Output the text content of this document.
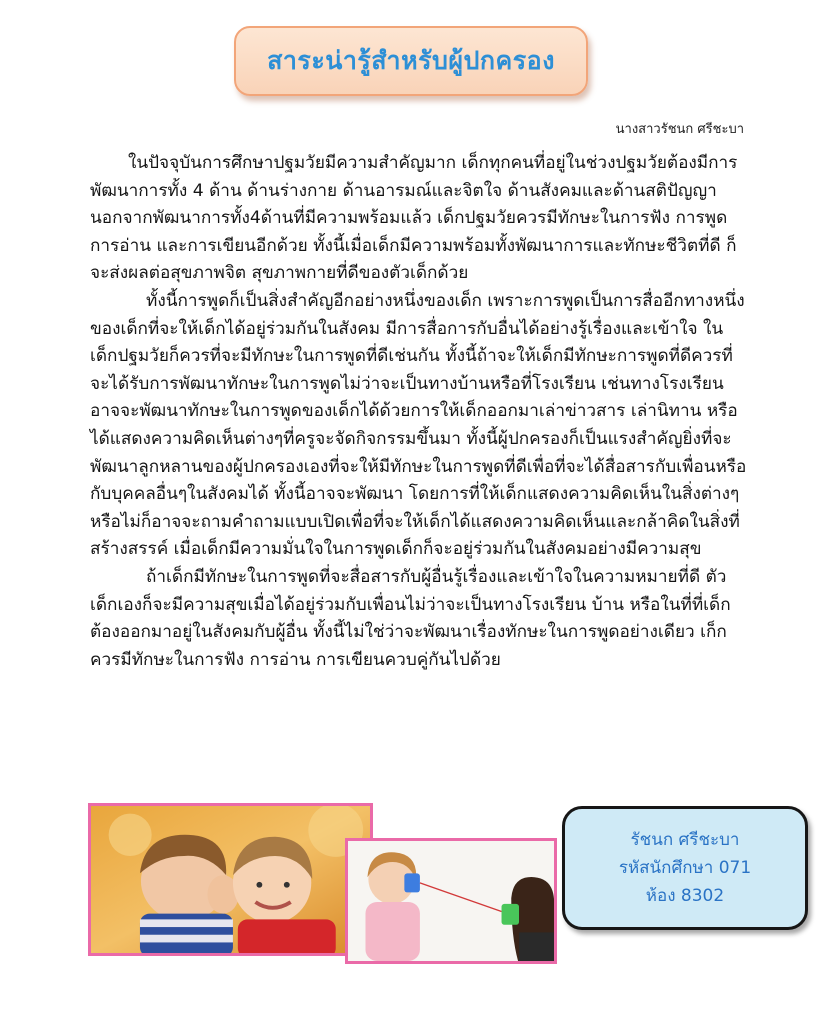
สาระน่ารู้สำหรับผู้ปกครอง
นางสาวรัชนก ศรีชะบา

ในปัจจุบันการศึกษาปฐมวัยมีความสำคัญมาก เด็กทุกคนที่อยู่ในช่วงปฐมวัยต้องมีการพัฒนาการทั้ง 4 ด้าน ด้านร่างกาย ด้านอารมณ์และจิตใจ ด้านสังคมและด้านสติปัญญา นอกจากพัฒนาการทั้ง4ด้านที่มีความพร้อมแล้ว เด็กปฐมวัยควรมีทักษะในการฟัง การพูด การอ่าน และการเขียนอีกด้วย ทั้งนี้เมื่อเด็กมีความพร้อมทั้งพัฒนาการและทักษะชีวิตที่ดี ก็จะส่งผลต่อสุขภาพจิต สุขภาพกายที่ดีของตัวเด็กด้วย

ทั้งนี้การพูดก็เป็นสิ่งสำคัญอีกอย่างหนึ่งของเด็ก เพราะการพูดเป็นการสื่ออีกทางหนึ่งของเด็กที่จะให้เด็กได้อยู่ร่วมกันในสังคม มีการสื่อการกับอื่นได้อย่างรู้เรื่องและเข้าใจ ในเด็กปฐมวัยก็ควรที่จะมีทักษะในการพูดที่ดีเช่นกัน ทั้งนี้ถ้าจะให้เด็กมีทักษะการพูดที่ดีควรที่จะได้รับการพัฒนาทักษะในการพูดไม่ว่าจะเป็นทางบ้านหรือที่โรงเรียน เช่นทางโรงเรียนอาจจะพัฒนาทักษะในการพูดของเด็กได้ด้วยการให้เด็กออกมาเล่าข่าวสาร เล่านิทาน หรือได้แสดงความคิดเห็นต่างๆที่ครูจะจัดกิจกรรมขึ้นมา ทั้งนี้ผู้ปกครองก็เป็นแรงสำคัญยิ่งที่จะพัฒนาลูกหลานของผู้ปกครองเองที่จะให้มีทักษะในการพูดที่ดีเพื่อที่จะได้สื่อสารกับเพื่อนหรือกับบุคคลอื่นๆในสังคมได้ ทั้งนี้อาจจะพัฒนา โดยการที่ให้เด็กแสดงความคิดเห็นในสิ่งต่างๆ หรือไม่ก็อาจจะถามคำถามแบบเปิดเพื่อที่จะให้เด็กได้แสดงความคิดเห็นและกล้าคิดในสิ่งที่สร้างสรรค์ เมื่อเด็กมีความมั่นใจในการพูดเด็กก็จะอยู่ร่วมกันในสังคมอย่างมีความสุข

ถ้าเด็กมีทักษะในการพูดที่จะสื่อสารกับผู้อื่นรู้เรื่องและเข้าใจในความหมายที่ดี ตัวเด็กเองก็จะมีความสุขเมื่อได้อยู่ร่วมกับเพื่อนไม่ว่าจะเป็นทางโรงเรียน บ้าน หรือในที่ที่เด็กต้องออกมาอยู่ในสังคมกับผู้อื่น ทั้งนี้ไม่ใช่ว่าจะพัฒนาเรื่องทักษะในการพูดอย่างเดียว เก็กควรมีทักษะในการฟัง การอ่าน การเขียนควบคู่กันไปด้วย

รัชนก ศรีชะบา
รหัสนักศึกษา 071
ห้อง 8302
